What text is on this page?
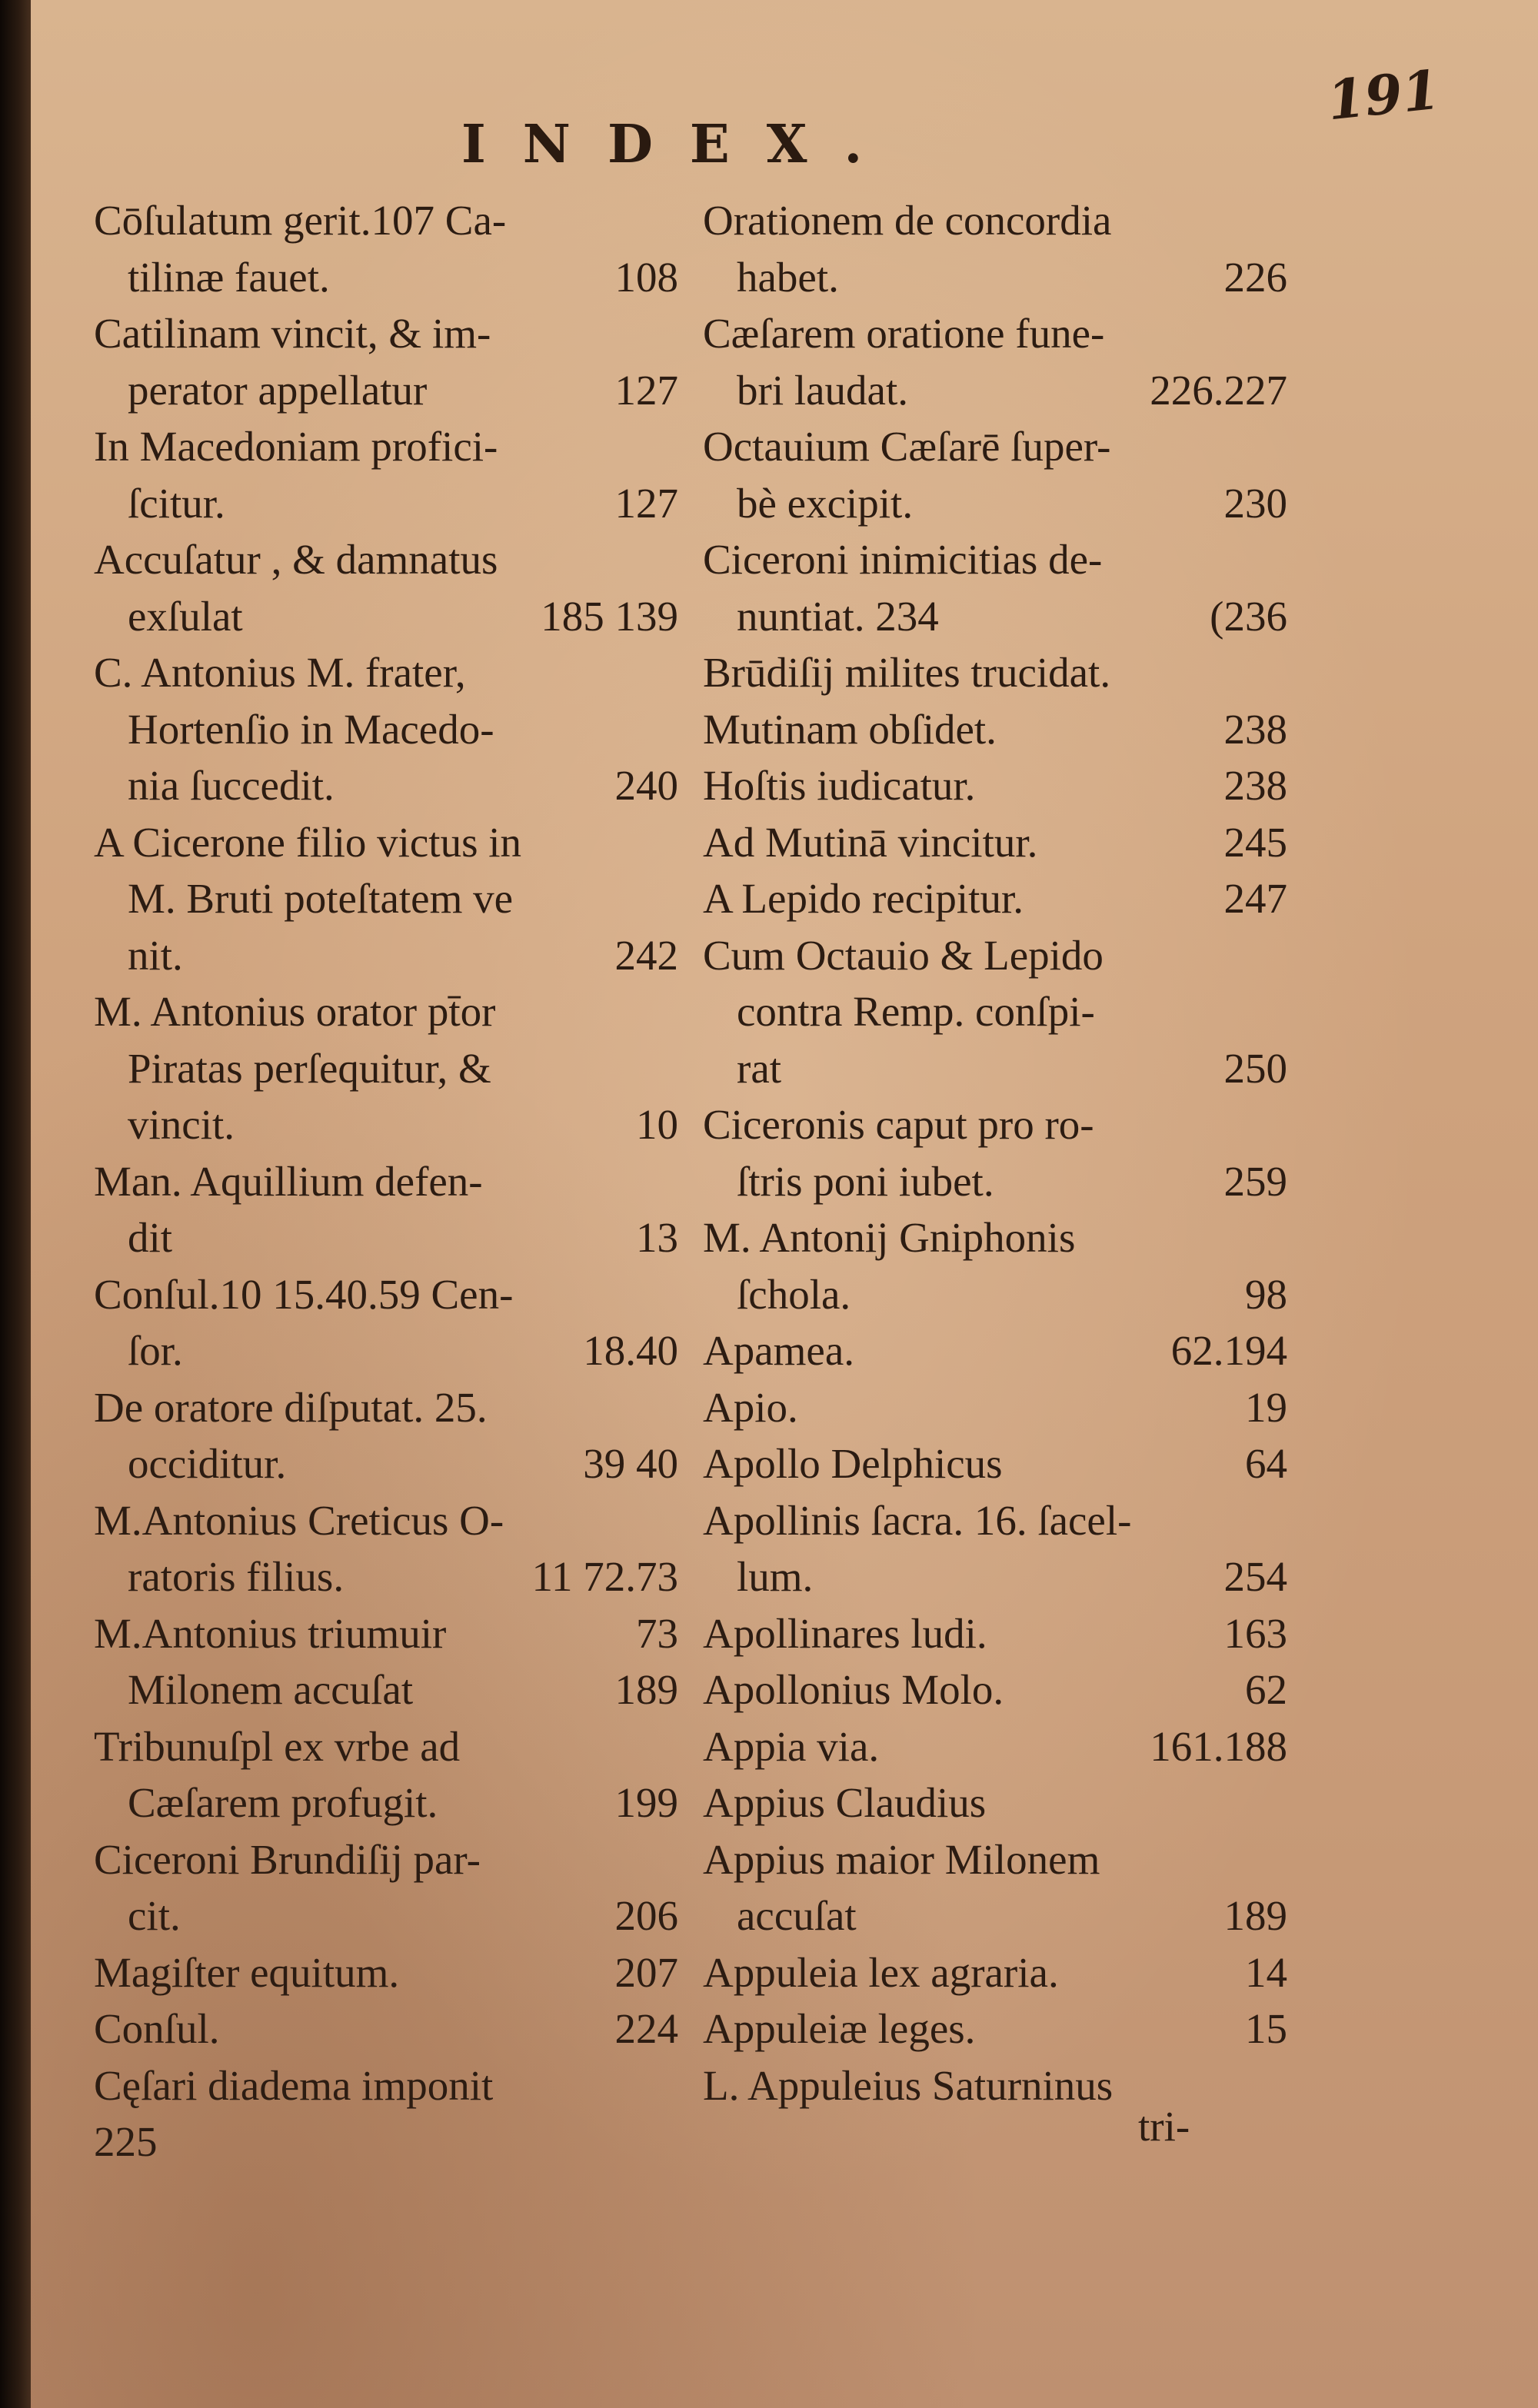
191
INDEX.
Cōſulatum gerit.107 Ca-
tilinæ fauet.	108
Catilinam vincit, & im-
perator appellatur	127
In Macedoniam profici-
ſcitur.	127
Accuſatur , & damnatus
exſulat	185 139
C. Antonius M. frater,
Hortenſio in Macedo-
nia ſuccedit.	240
A Cicerone filio victus in
M. Bruti poteſtatem ve
nit.	242
M. Antonius orator pt̄or
Piratas perſequitur, &
vincit.	10
Man. Aquillium defen-
dit	13
Conſul.10 15.40.59 Cen-
ſor.	18.40
De oratore diſputat. 25.
occiditur.	39 40
M.Antonius Creticus O-
ratoris filius.	11 72.73
M.Antonius triumuir	73
Milonem accuſat	189
Tribunuſpl ex vrbe ad
Cæſarem profugit.	199
Ciceroni Brundiſij par-
cit.	206
Magiſter equitum.	207
Conſul.	224
Cęſari diadema imponit
225
Orationem de concordia
habet.	226
Cæſarem oratione fune-
bri laudat.	226.227
Octauium Cæſarē ſuper-
bè excipit.	230
Ciceroni inimicitias de-
nuntiat. 234	(236
Brūdiſij milites trucidat.
Mutinam obſidet.	238
Hoſtis iudicatur.	238
Ad Mutinā vincitur.	245
A Lepido recipitur.	247
Cum Octauio & Lepido
contra Remp. conſpi-
rat	250
Ciceronis caput pro ro-
ſtris poni iubet.	259
M. Antonij Gniphonis
ſchola.	98
Apamea.	62.194
Apio.	19
Apollo Delphicus	64
Apollinis ſacra. 16. ſacel-
lum.	254
Apollinares ludi.	163
Apollonius Molo.	62
Appia via.	161.188
Appius Claudius
Appius maior Milonem
accuſat	189
Appuleia lex agraria.	14
Appuleiæ leges.	15
L. Appuleius Saturninus
tri-
